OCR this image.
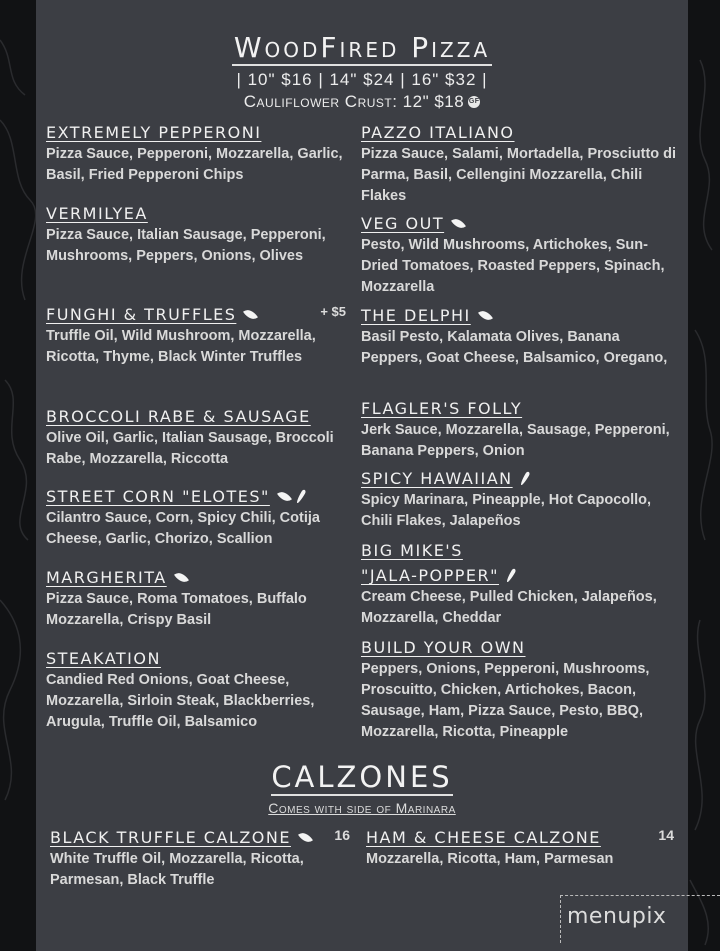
WoodFired Pizza
| 10" $16 | 14" $24 | 16" $32 |
Cauliflower Crust: 12" $18 GF
EXTREMELY PEPPERONI
Pizza Sauce, Pepperoni, Mozzarella, Garlic, Basil, Fried Pepperoni Chips
VERMILYEA
Pizza Sauce, Italian Sausage, Pepperoni, Mushrooms, Peppers, Onions, Olives
FUNGHI & TRUFFLES	+ $5
Truffle Oil, Wild Mushroom, Mozzarella, Ricotta, Thyme, Black Winter Truffles
BROCCOLI RABE & SAUSAGE
Olive Oil, Garlic, Italian Sausage, Broccoli Rabe, Mozzarella, Riccotta
STREET CORN "ELOTES"
Cilantro Sauce, Corn, Spicy Chili, Cotija Cheese, Garlic, Chorizo, Scallion
MARGHERITA
Pizza Sauce, Roma Tomatoes, Buffalo Mozzarella, Crispy Basil
STEAKATION
Candied Red Onions, Goat Cheese, Mozzarella, Sirloin Steak, Blackberries, Arugula, Truffle Oil, Balsamico
PAZZO ITALIANO
Pizza Sauce, Salami, Mortadella, Prosciutto di Parma, Basil, Cellengini Mozzarella, Chili Flakes
VEG OUT
Pesto, Wild Mushrooms, Artichokes, Sun-Dried Tomatoes, Roasted Peppers, Spinach, Mozzarella
THE DELPHI
Basil Pesto, Kalamata Olives, Banana Peppers, Goat Cheese, Balsamico, Oregano,
FLAGLER'S FOLLY
Jerk Sauce, Mozzarella, Sausage, Pepperoni, Banana Peppers, Onion
SPICY HAWAIIAN
Spicy Marinara, Pineapple, Hot Capocollo, Chili Flakes, Jalapeños
BIG MIKE'S
"JALA-POPPER"
Cream Cheese, Pulled Chicken, Jalapeños, Mozzarella, Cheddar
BUILD YOUR OWN
Peppers, Onions, Pepperoni, Mushrooms, Proscuitto, Chicken, Artichokes, Bacon, Sausage, Ham, Pizza Sauce, Pesto, BBQ, Mozzarella, Ricotta, Pineapple
CALZONES
Comes with side of Marinara
BLACK TRUFFLE CALZONE	16
White Truffle Oil, Mozzarella, Ricotta, Parmesan, Black Truffle
HAM & CHEESE CALZONE	14
Mozzarella, Ricotta, Ham, Parmesan
menupix
